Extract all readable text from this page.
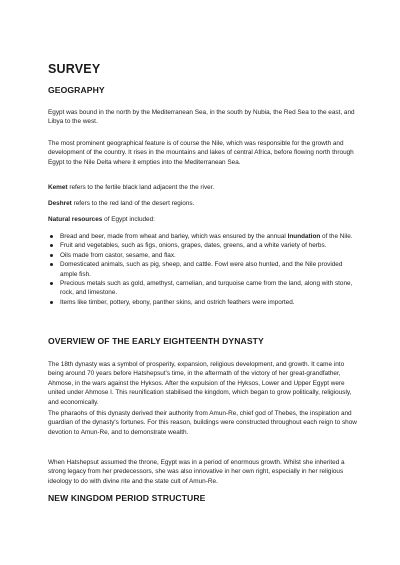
SURVEY
GEOGRAPHY

Egypt was bound in the north by the Mediterranean Sea, in the south by Nubia, the Red Sea to the east, and Libya to the west.

The most prominent geographical feature is of course the Nile, which was responsible for the growth and development of the country. It rises in the mountains and lakes of central Africa, before flowing north through Egypt to the Nile Delta where it empties into the Mediterranean Sea.

Kemet refers to the fertile black land adjacent the the river.

Deshret refers to the red land of the desert regions.

Natural resources of Egypt included:

Bread and beer, made from wheat and barley, which was ensured by the annual Inundation of the Nile.
Fruit and vegetables, such as figs, onions, grapes, dates, greens, and a white variety of herbs.
Oils made from castor, sesame, and flax.
Domesticated animals, such as pig, sheep, and cattle. Fowl were also hunted, and the Nile provided ample fish.
Precious metals such as gold, amethyst, carnelian, and turquoise came from the land, along with stone, rock, and limestone.
Items like timber, pottery, ebony, panther skins, and ostrich feathers were imported.
OVERVIEW OF THE EARLY EIGHTEENTH DYNASTY

The 18th dynasty was a symbol of prosperity, expansion, religious development, and growth. It came into being around 70 years before Hatshepsut's time, in the aftermath of the victory of her great-grandfather, Ahmose, in the wars against the Hyksos. After the expulsion of the Hyksos, Lower and Upper Egypt were united under Ahmose I. This reunification stabilised the kingdom, which began to grow politically, religiously, and economically.

The pharaohs of this dynasty derived their authority from Amun-Re, chief god of Thebes, the inspiration and guardian of the dynasty's fortunes. For this reason, buildings were constructed throughout each reign to show devotion to Amun-Re, and to demonstrate wealth.

When Hatshepsut assumed the throne, Egypt was in a period of enormous growth. Whilst she inherited a strong legacy from her predecessors, she was also innovative in her own right, especially in her religious ideology to do with divine rite and the state cult of Amun-Re.

NEW KINGDOM PERIOD STRUCTURE
